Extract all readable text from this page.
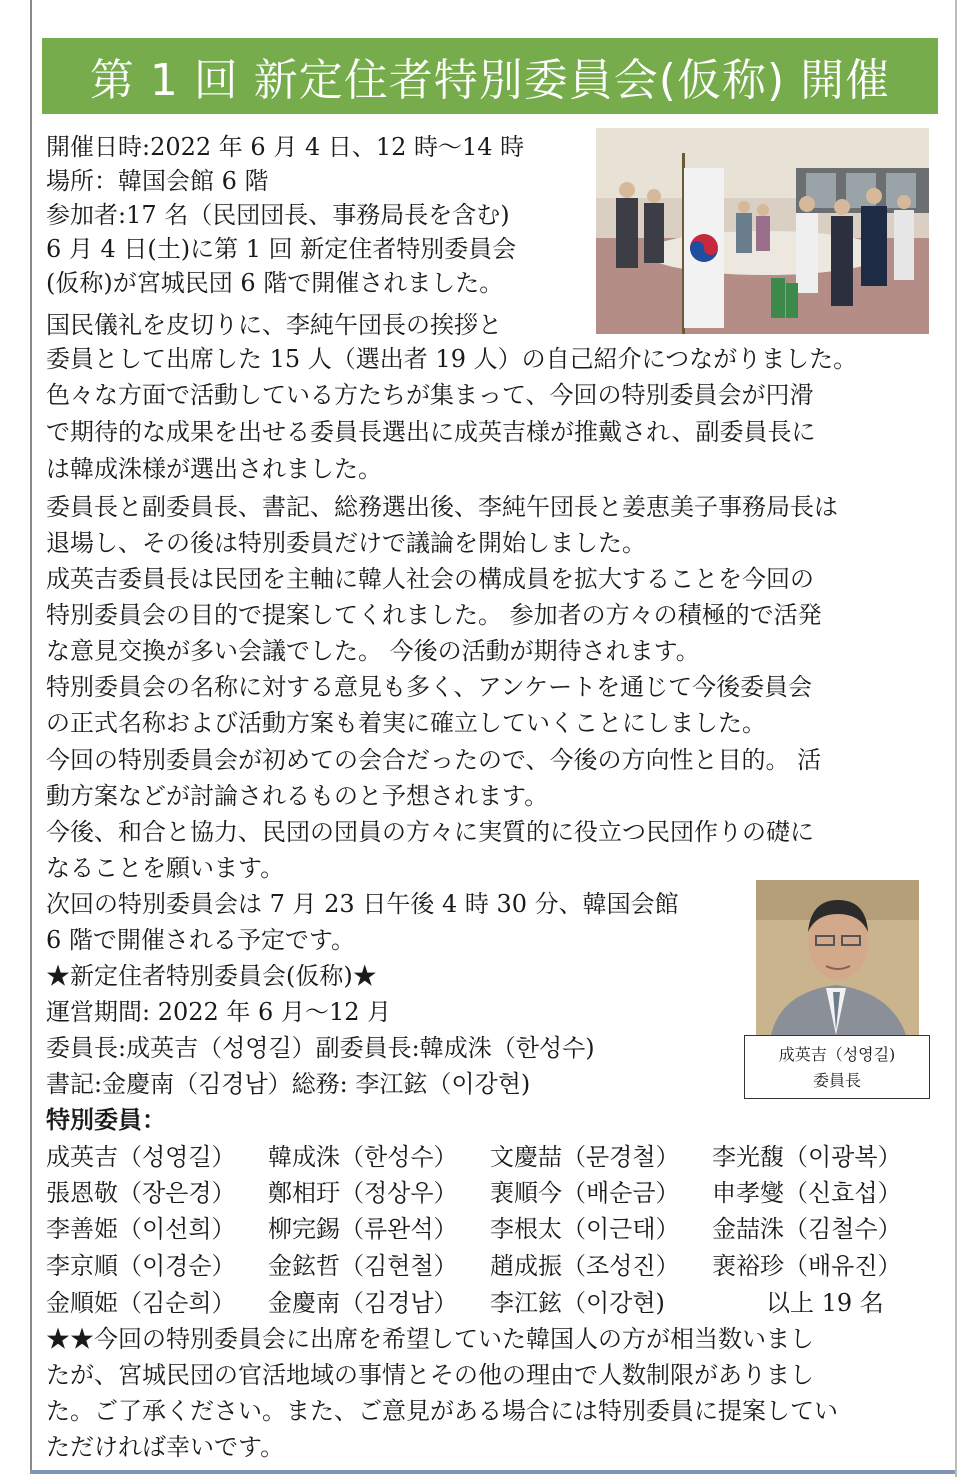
第 1 回 新定住者特別委員会(仮称) 開催
開催日時:2022 年 6 月 4 日、12 時〜14 時
場所：韓国会館 6 階
参加者:17 名（民団団長、事務局長を含む)
6 月 4 日(土)に第 1 回 新定住者特別委員会
(仮称)が宮城民団 6 階で開催されました。
国民儀礼を皮切りに、李純午団長の挨拶と
委員として出席した 15 人（選出者 19 人）の自己紹介につながりました。
色々な方面で活動している方たちが集まって、今回の特別委員会が円滑
で期待的な成果を出せる委員長選出に成英吉様が推戴され、副委員長に
は韓成洙様が選出されました。
委員長と副委員長、書記、総務選出後、李純午団長と姜恵美子事務局長は
退場し、その後は特別委員だけで議論を開始しました。
成英吉委員長は民団を主軸に韓人社会の構成員を拡大することを今回の
特別委員会の目的で提案してくれました。 参加者の方々の積極的で活発
な意見交換が多い会議でした。 今後の活動が期待されます。
特別委員会の名称に対する意見も多く、アンケートを通じて今後委員会
の正式名称および活動方案も着実に確立していくことにしました。
今回の特別委員会が初めての会合だったので、今後の方向性と目的。 活
動方案などが討論されるものと予想されます。
今後、和合と協力、民団の団員の方々に実質的に役立つ民団作りの礎に
なることを願います。
次回の特別委員会は 7 月 23 日午後 4 時 30 分、韓国会館
6 階で開催される予定です。
成英吉（성영길)
委員長
★新定住者特別委員会(仮称)★
運営期間: 2022 年 6 月〜12 月
委員長:成英吉（성영길）副委員長:韓成洙（한성수)
書記:金慶南（김경남）総務: 李江鉉（이강현)
特別委員：
成英吉（성영길） 韓成洙（한성수） 文慶喆（문경철） 李光馥（이광복）
張恩敬（장은경） 鄭相玗（정상우） 裵順今（배순금） 申孝燮（신효섭）
李善姫（이선희） 柳完錫（류완석） 李根太（이근태） 金喆洙（김철수）
李京順（이경순） 金鉉哲（김현철） 趙成振（조성진） 裵裕珍（배유진）
金順姫（김순희） 金慶南（김경남） 李江鉉（이강현)	以上 19 名
★★今回の特別委員会に出席を希望していた韓国人の方が相当数いまし
たが、宮城民団の官活地域の事情とその他の理由で人数制限がありまし
た。ご了承ください。また、ご意見がある場合には特別委員に提案してい
ただければ幸いです。
